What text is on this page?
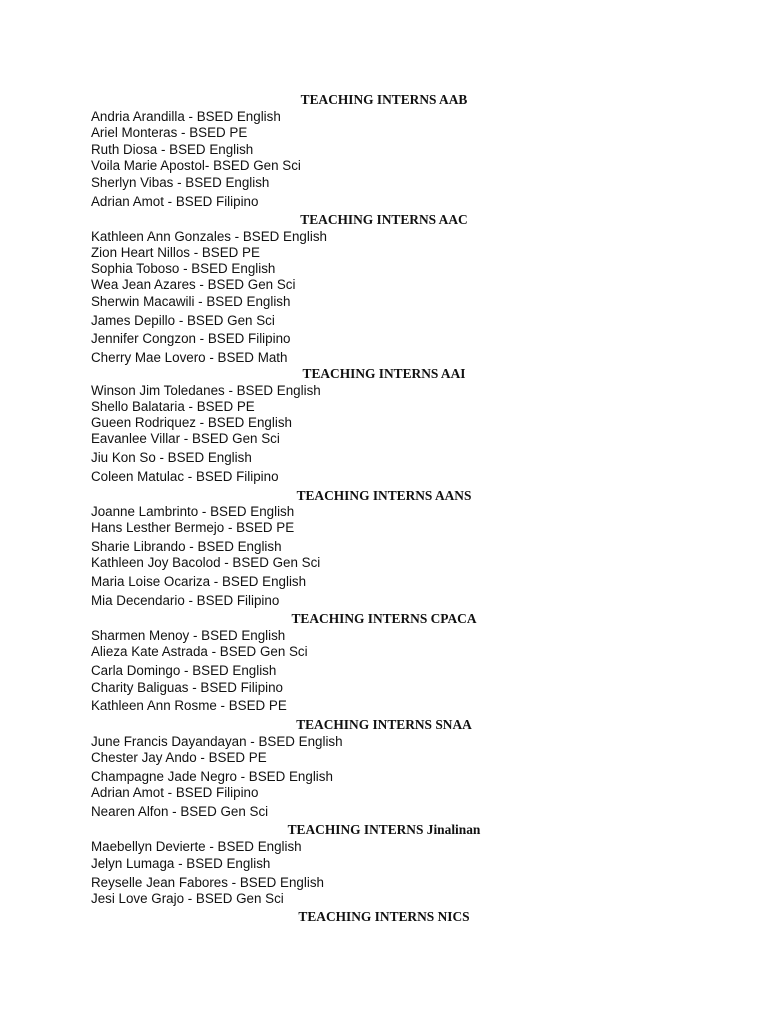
TEACHING INTERNS AAB
Andria Arandilla - BSED English
Ariel Monteras - BSED PE
Ruth Diosa - BSED English
Voila Marie Apostol- BSED Gen Sci
Sherlyn Vibas - BSED English
Adrian Amot - BSED Filipino
TEACHING INTERNS AAC
Kathleen Ann Gonzales - BSED English
Zion Heart Nillos - BSED PE
Sophia Toboso - BSED English
Wea Jean Azares - BSED Gen Sci
Sherwin Macawili - BSED English
James Depillo - BSED Gen Sci
Jennifer Congzon - BSED Filipino
Cherry Mae Lovero - BSED Math
TEACHING INTERNS AAI
Winson Jim Toledanes - BSED English
Shello Balataria - BSED PE
Gueen Rodriquez - BSED English
Eavanlee Villar - BSED Gen Sci
Jiu Kon So - BSED English
Coleen Matulac - BSED Filipino
TEACHING INTERNS AANS
Joanne Lambrinto - BSED English
Hans Lesther Bermejo - BSED PE
Sharie Librando - BSED English
Kathleen Joy Bacolod - BSED Gen Sci
Maria Loise Ocariza - BSED English
Mia Decendario - BSED Filipino
TEACHING INTERNS CPACA
Sharmen Menoy - BSED English
Alieza Kate Astrada - BSED Gen Sci
Carla Domingo - BSED English
Charity Baliguas - BSED Filipino
Kathleen Ann Rosme - BSED PE
TEACHING INTERNS SNAA
June Francis Dayandayan - BSED English
Chester Jay Ando - BSED PE
Champagne Jade Negro - BSED English
Adrian Amot - BSED Filipino
Nearen Alfon - BSED Gen Sci
TEACHING INTERNS Jinalinan
Maebellyn Devierte - BSED English
Jelyn Lumaga - BSED English
Reyselle Jean Fabores - BSED English
Jesi Love Grajo - BSED Gen Sci
TEACHING INTERNS NICS
